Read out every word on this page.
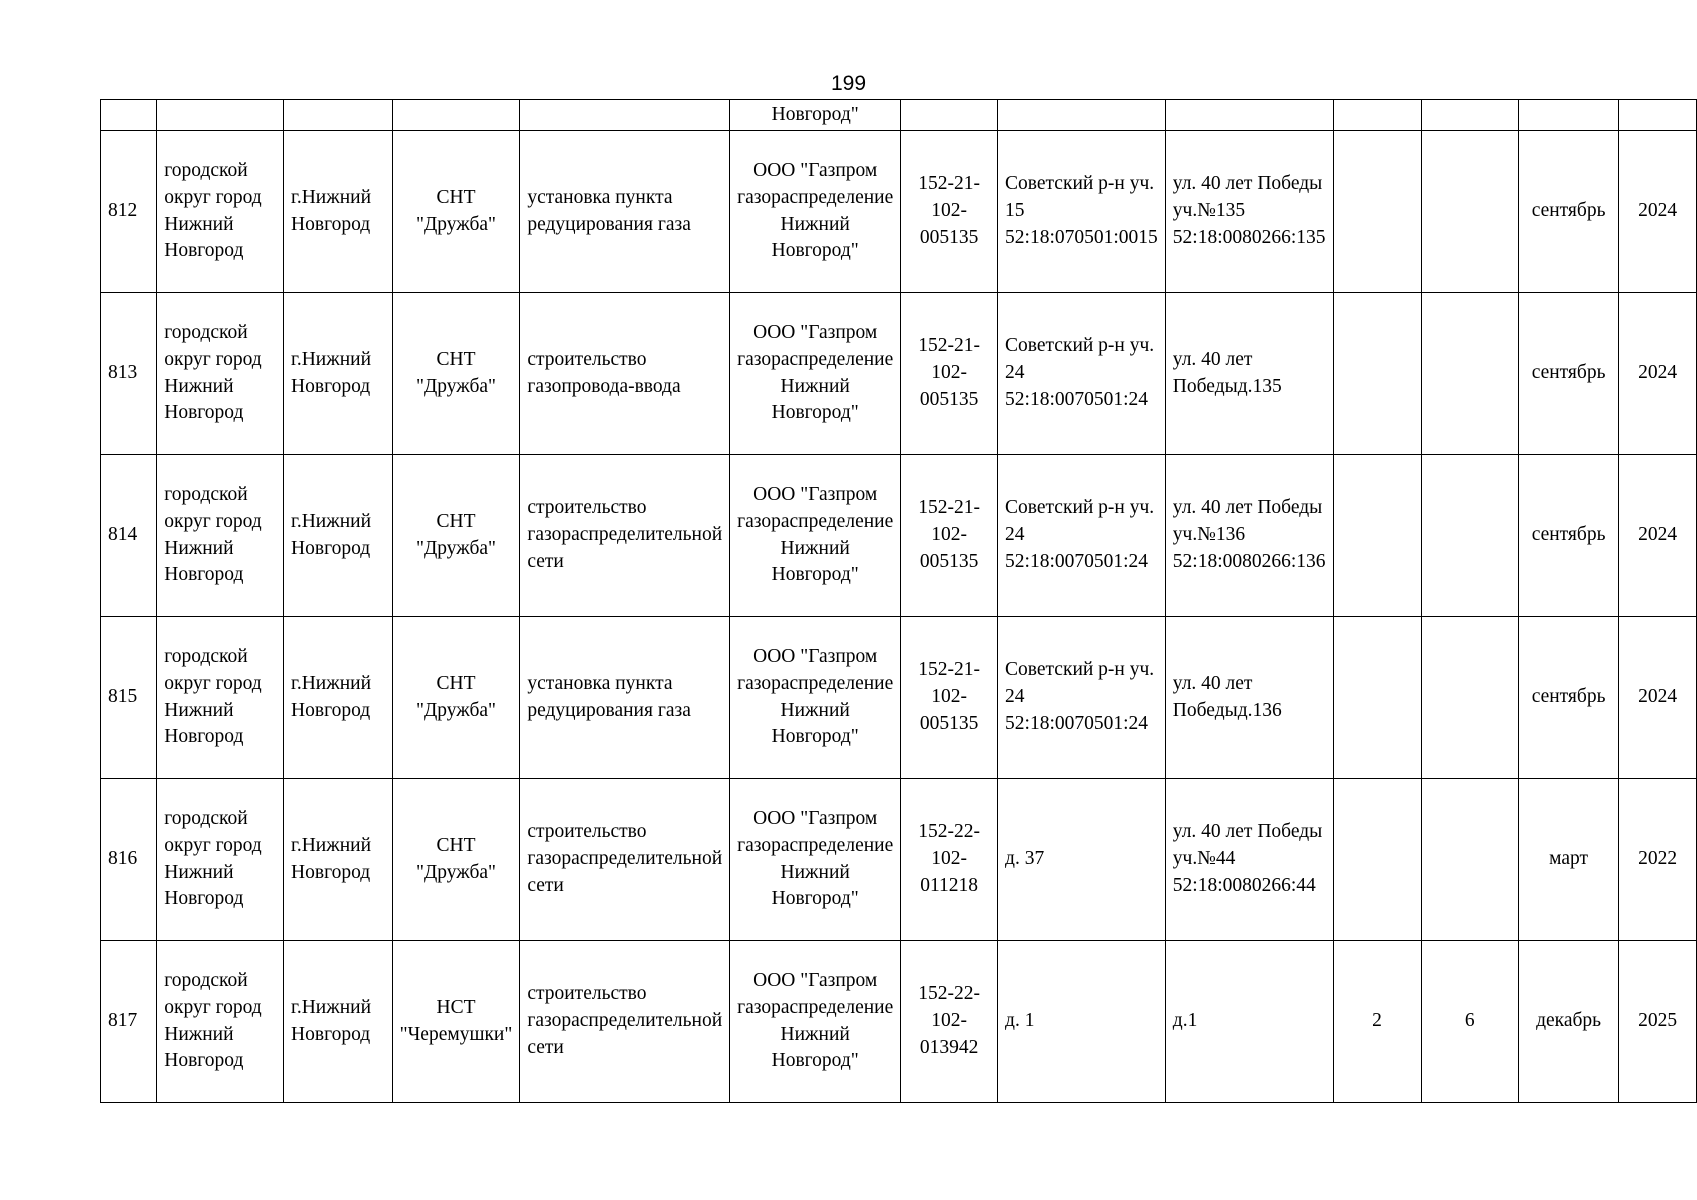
199
					Новгород"							
812	городской округ город Нижний Новгород	г.Нижний Новгород	СНТ "Дружба"	установка пункта редуцирования газа	ООО "Газпром газораспределение Нижний Новгород"	152-21-102-005135	Советский р-н уч. 15 52:18:070501:0015	ул. 40 лет Победы уч.№135 52:18:0080266:135			сентябрь	2024
813	городской округ город Нижний Новгород	г.Нижний Новгород	СНТ "Дружба"	строительство газопровода-ввода	ООО "Газпром газораспределение Нижний Новгород"	152-21-102-005135	Советский р-н уч. 24 52:18:0070501:24	ул. 40 лет Победыд.135			сентябрь	2024
814	городской округ город Нижний Новгород	г.Нижний Новгород	СНТ "Дружба"	строительство газораспределительной сети	ООО "Газпром газораспределение Нижний Новгород"	152-21-102-005135	Советский р-н уч. 24 52:18:0070501:24	ул. 40 лет Победы уч.№136 52:18:0080266:136			сентябрь	2024
815	городской округ город Нижний Новгород	г.Нижний Новгород	СНТ "Дружба"	установка пункта редуцирования газа	ООО "Газпром газораспределение Нижний Новгород"	152-21-102-005135	Советский р-н уч. 24 52:18:0070501:24	ул. 40 лет Победыд.136			сентябрь	2024
816	городской округ город Нижний Новгород	г.Нижний Новгород	СНТ "Дружба"	строительство газораспределительной сети	ООО "Газпром газораспределение Нижний Новгород"	152-22-102-011218	д. 37	ул. 40 лет Победы уч.№44 52:18:0080266:44			март	2022
817	городской округ город Нижний Новгород	г.Нижний Новгород	НСТ "Черемушки"	строительство газораспределительной сети	ООО "Газпром газораспределение Нижний Новгород"	152-22-102-013942	д. 1	д.1	2	6	декабрь	2025
